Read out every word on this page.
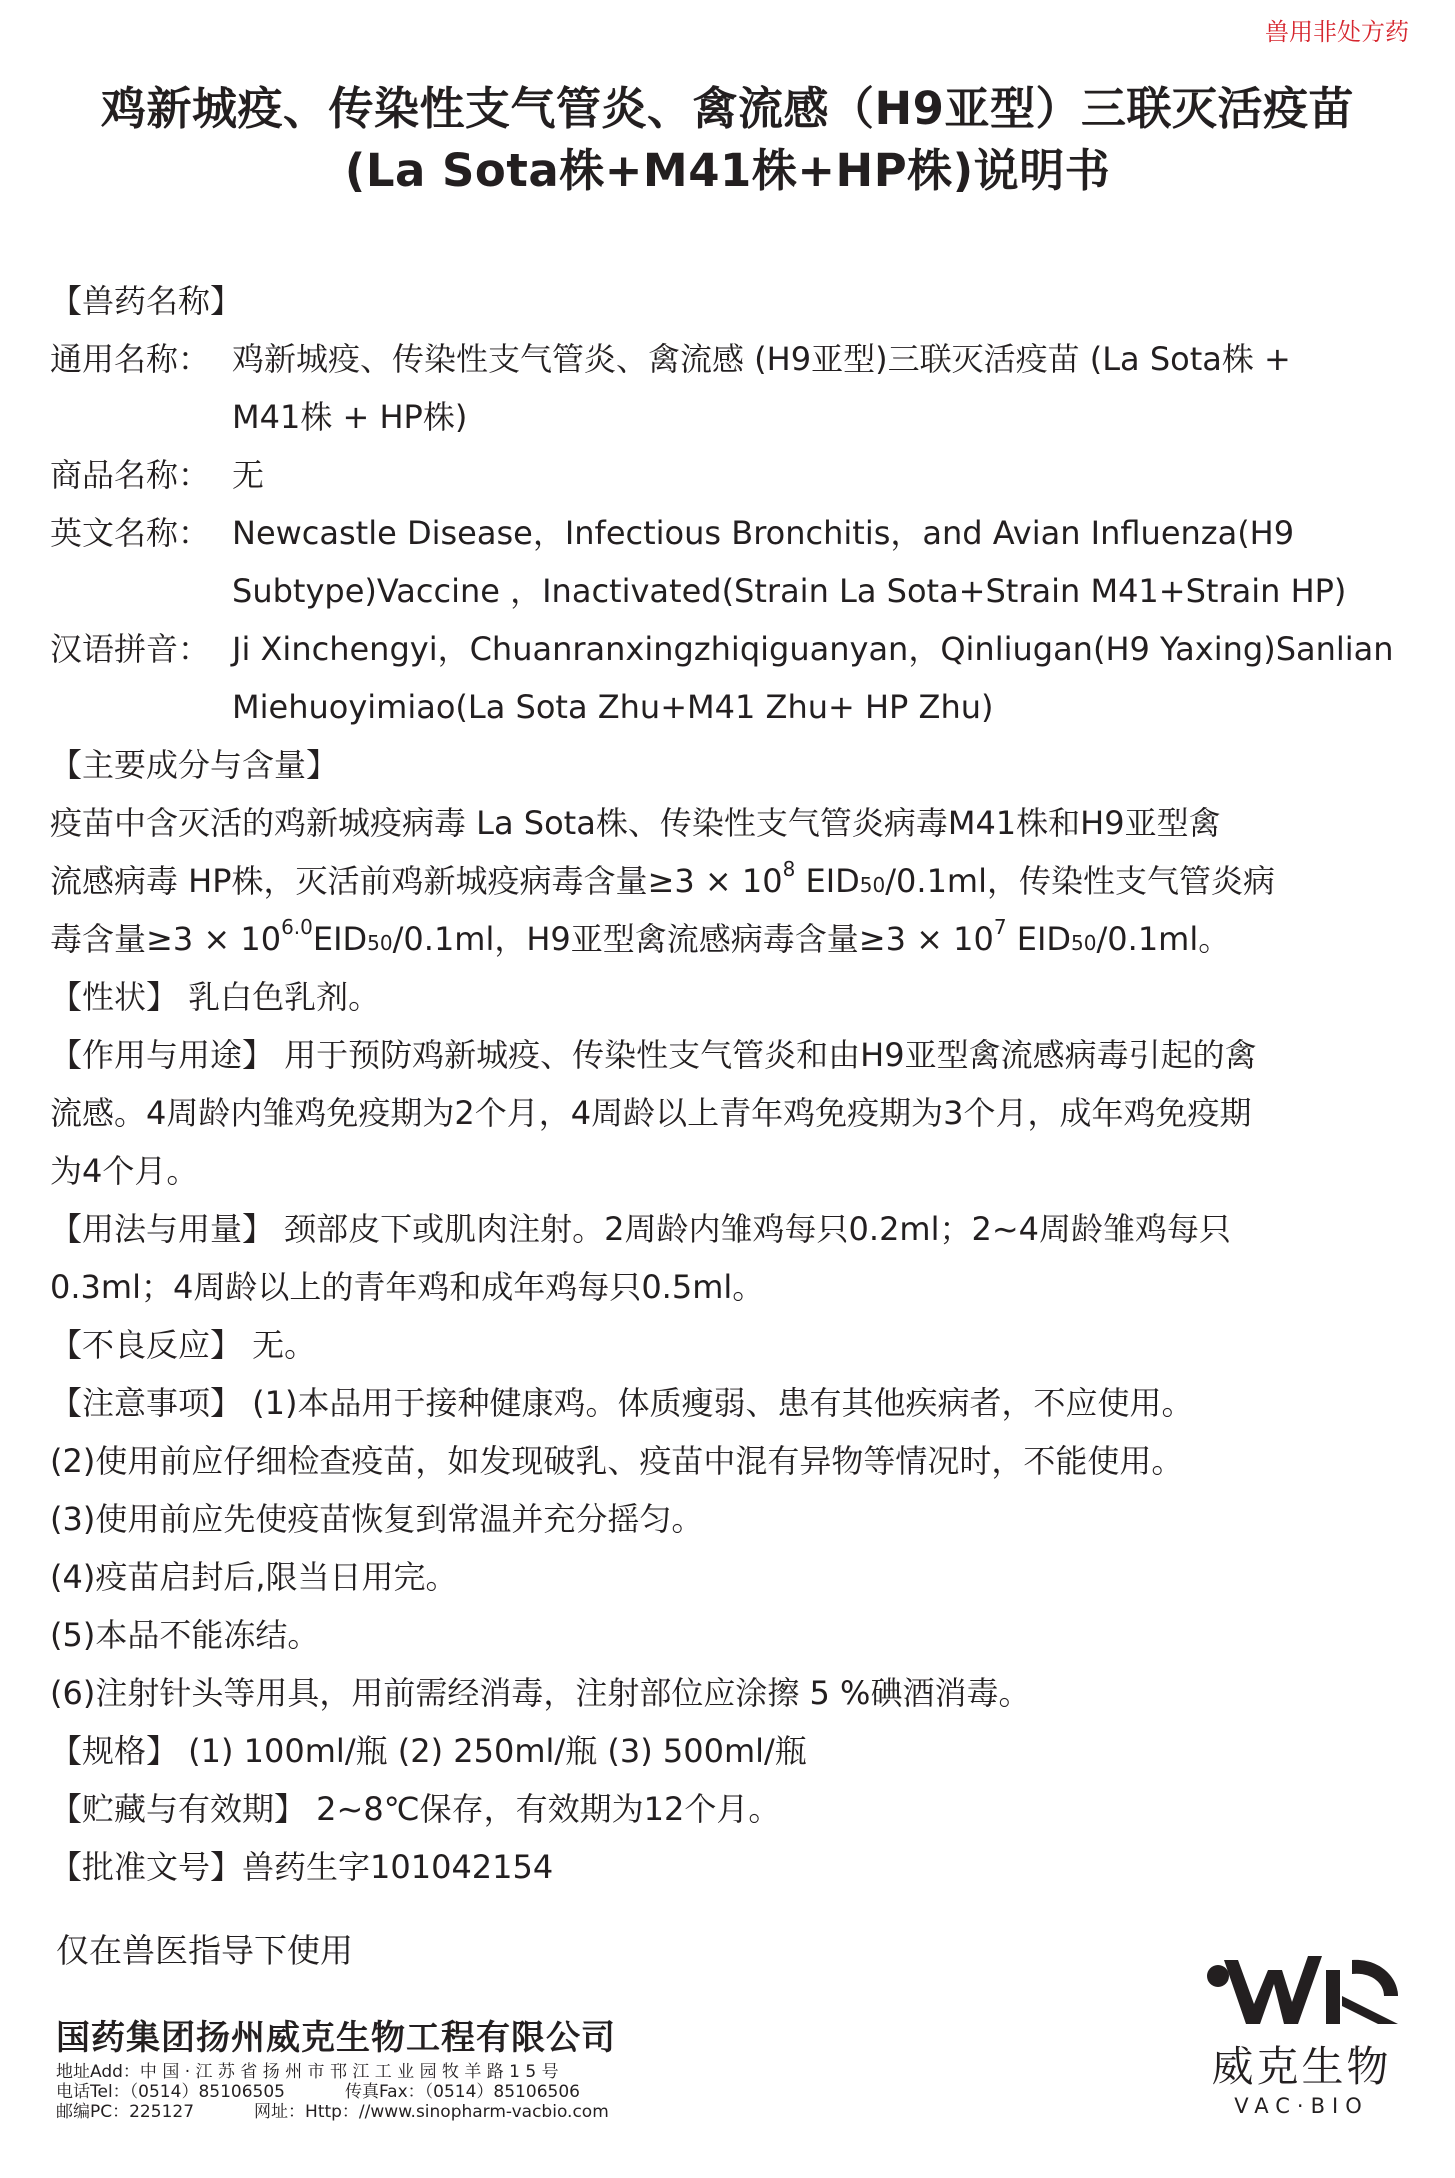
兽用非处方药
鸡新城疫、传染性支气管炎、禽流感（H9亚型）三联灭活疫苗
(La Sota株+M41株+HP株)说明书
【兽药名称】
通用名称： 鸡新城疫、传染性支气管炎、禽流感 (H9亚型)三联灭活疫苗 (La Sota株 +
M41株 + HP株)
商品名称： 无
英文名称： Newcastle Disease，Infectious Bronchitis，and Avian Influenza(H9
Subtype)Vaccine ，Inactivated(Strain La Sota+Strain M41+Strain HP)
汉语拼音： Ji Xinchengyi，Chuanranxingzhiqiguanyan，Qinliugan(H9 Yaxing)Sanlian
Miehuoyimiao(La Sota Zhu+M41 Zhu+ HP Zhu)
【主要成分与含量】
疫苗中含灭活的鸡新城疫病毒 La Sota株、传染性支气管炎病毒M41株和H9亚型禽
流感病毒 HP株，灭活前鸡新城疫病毒含量$\ge 3 \times 10^8$ EID50/0.1ml，传染性支气管炎病
毒含量$\ge 3 \times 10^{6.0}EID50/0.1ml$，H9亚型禽流感病毒含量$\ge 3 \times 10^7$ EID50/0.1ml。
【性状】 乳白色乳剂。
【作用与用途】 用于预防鸡新城疫、传染性支气管炎和由H9亚型禽流感病毒引起的禽
流感。4周龄内雏鸡免疫期为2个月，4周龄以上青年鸡免疫期为3个月，成年鸡免疫期
为4个月。
【用法与用量】 颈部皮下或肌肉注射。2周龄内雏鸡每只0.2ml；2~4周龄雏鸡每只
0.3ml；4周龄以上的青年鸡和成年鸡每只0.5ml。
【不良反应】 无。
【注意事项】 (1)本品用于接种健康鸡。体质瘦弱、患有其他疾病者，不应使用。
(2)使用前应仔细检查疫苗，如发现破乳、疫苗中混有异物等情况时，不能使用。
(3)使用前应先使疫苗恢复到常温并充分摇匀。
(4)疫苗启封后,限当日用完。
(5)本品不能冻结。
(6)注射针头等用具，用前需经消毒，注射部位应涂擦 5 %碘酒消毒。
【规格】 (1) 100ml/瓶 (2) 250ml/瓶 (3) 500ml/瓶
【贮藏与有效期】 2~8℃保存，有效期为12个月。
【批准文号】兽药生字101042154
仅在兽医指导下使用
国药集团扬州威克生物工程有限公司
地址Add：中 国 · 江 苏 省 扬 州 市 邗 江 工 业 园 牧 羊 路 1 5 号
电话Tel：（0514）85106505	传真Fax：（0514）85106506
邮编PC：225127	网址：Http：//www.sinopharm-vacbio.com
威克生物
VAC·BIO
